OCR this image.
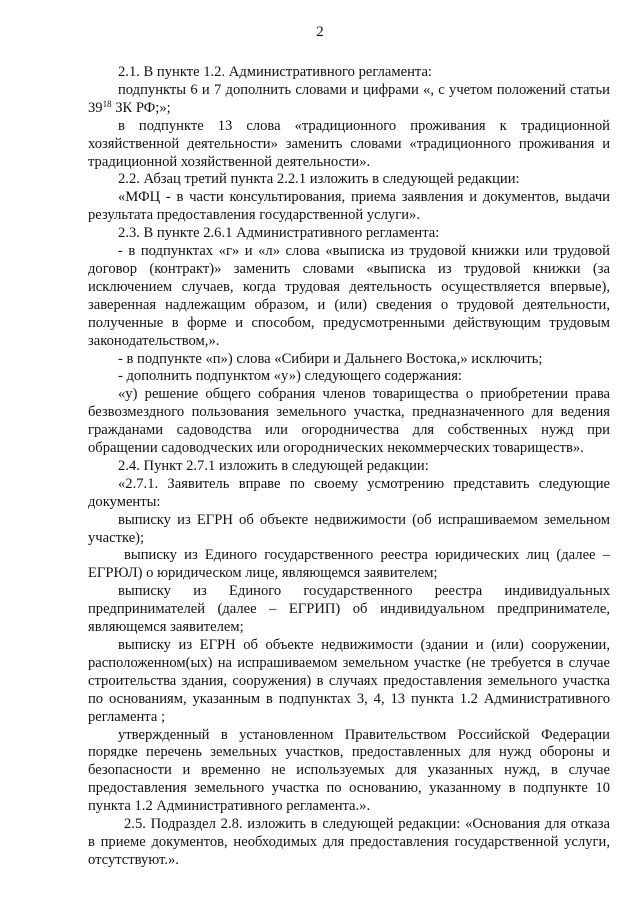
2

2.1. В пункте 1.2. Административного регламента:

подпункты 6 и 7 дополнить словами и цифрами «, с учетом положений статьи $39^{18}$ ЗК РФ;»;

в подпункте 13 слова «традиционного проживания к традиционной хозяйственной деятельности» заменить словами «традиционного проживания и традиционной хозяйственной деятельности».

2.2. Абзац третий пункта 2.2.1 изложить в следующей редакции:

«МФЦ - в части консультирования, приема заявления и документов, выдачи результата предоставления государственной услуги».

2.3. В пункте 2.6.1 Административного регламента:

- в подпунктах «г» и «л» слова «выписка из трудовой книжки или трудовой договор (контракт)» заменить словами «выписка из трудовой книжки (за исключением случаев, когда трудовая деятельность осуществляется впервые), заверенная надлежащим образом, и (или) сведения о трудовой деятельности, полученные в форме и способом, предусмотренными действующим трудовым законодательством,».

- в подпункте «п») слова «Сибири и Дальнего Востока,» исключить;

- дополнить подпунктом «у») следующего содержания:

«у) решение общего собрания членов товарищества о приобретении права безвозмездного пользования земельного участка, предназначенного для ведения гражданами садоводства или огородничества для собственных нужд при обращении садоводческих или огороднических некоммерческих товариществ».

2.4. Пункт 2.7.1 изложить в следующей редакции:

«2.7.1. Заявитель вправе по своему усмотрению представить следующие документы:

выписку из ЕГРН об объекте недвижимости (об испрашиваемом земельном участке);

выписку из Единого государственного реестра юридических лиц (далее – ЕГРЮЛ) о юридическом лице, являющемся заявителем;

выписку из Единого государственного реестра индивидуальных предпринимателей (далее – ЕГРИП) об индивидуальном предпринимателе, являющемся заявителем;

выписку из ЕГРН об объекте недвижимости (здании и (или) сооружении, расположенном(ых) на испрашиваемом земельном участке (не требуется в случае строительства здания, сооружения) в случаях предоставления земельного участка по основаниям, указанным в подпунктах 3, 4, 13 пункта 1.2 Административного регламента ;

утвержденный в установленном Правительством Российской Федерации порядке перечень земельных участков, предоставленных для нужд обороны и безопасности и временно не используемых для указанных нужд, в случае предоставления земельного участка по основанию, указанному в подпункте 10 пункта 1.2 Административного регламента.».

2.5. Подраздел 2.8. изложить в следующей редакции: «Основания для отказа в приеме документов, необходимых для предоставления государственной услуги, отсутствуют.».
